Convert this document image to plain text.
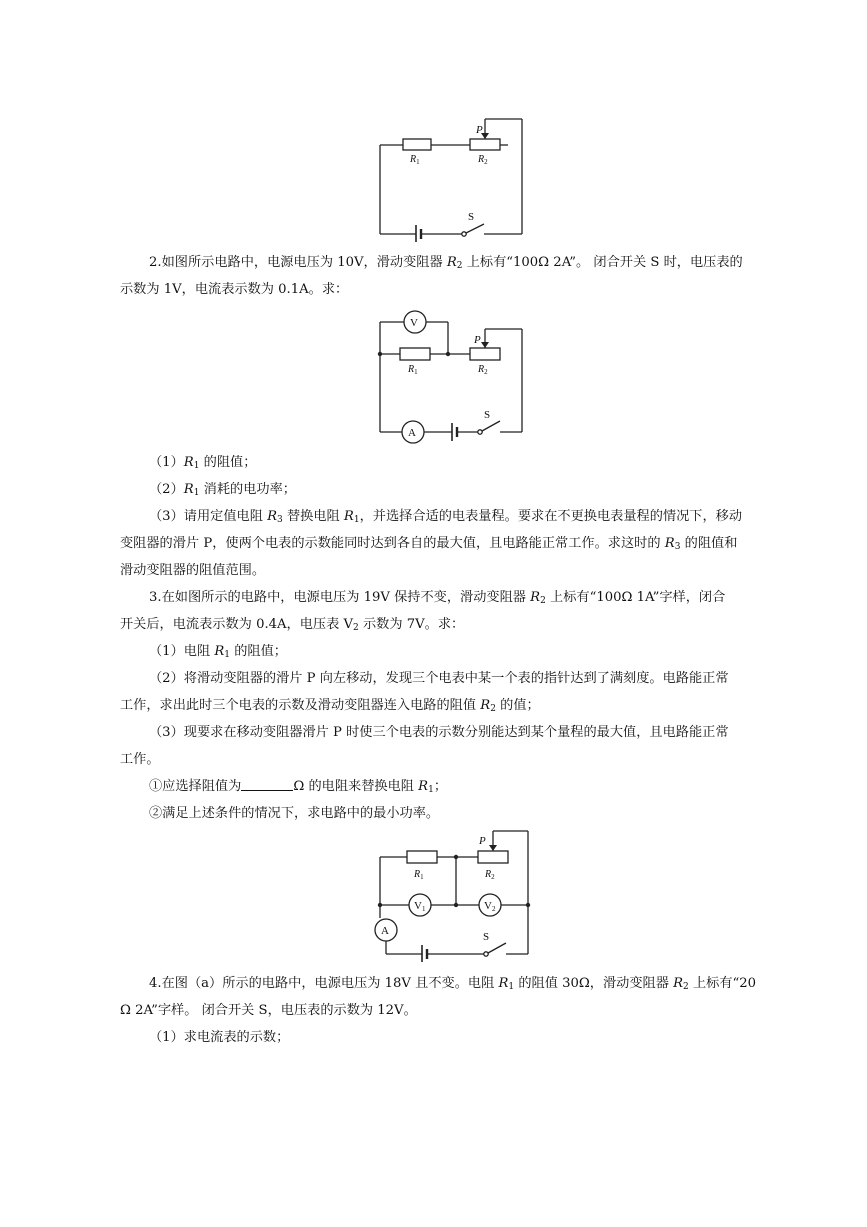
P
$R_1$	$R_2$
S

2.如图所示电路中，电源电压为 10V，滑动变阻器 $R_2$ 上标有“100Ω 2A”。 闭合开关 S 时，电压表的
示数为 1V，电流表示数为 0.1A。求：

V
A
P
$R_1$	$R_2$
S

$(1)R_1$ 的阻值；

$(2)R_1$ 消耗的电功率；

（3）请用定值电阻 $R_3$ 替换电阻 $R_1$，并选择合适的电表量程。要求在不更换电表量程的情况下，移动
变阻器的滑片 P，使两个电表的示数能同时达到各自的最大值，且电路能正常工作。求这时的 $R_3$ 的阻值和
滑动变阻器的阻值范围。

3.在如图所示的电路中，电源电压为 19V 保持不变，滑动变阻器 $R_2$ 上标有“100Ω 1A”字样，闭合
开关后，电流表示数为 0.4A，电压表 $V_2$ 示数为 7V。求：

（1）电阻 $R_1$ 的阻值；

（2）将滑动变阻器的滑片 P 向左移动，发现三个电表中某一个表的指针达到了满刻度。电路能正常
工作，求出此时三个电表的示数及滑动变阻器连入电路的阻值 $R_2$ 的值；

（3）现要求在移动变阻器滑片 P 时使三个电表的示数分别能达到某个量程的最大值，且电路能正常
工作。

①应选择阻值为	Ω 的电阻来替换电阻 $R_1$；

②满足上述条件的情况下，求电路中的最小功率。

P
$R_1$	$R_2$
V1	V2
A	S

4.在图（a）所示的电路中，电源电压为 18V 且不变。电阻 $R_1$ 的阻值 30Ω，滑动变阻器 $R_2$ 上标有“20
Ω 2A”字样。 闭合开关 S，电压表的示数为 12V。

（1）求电流表的示数；
